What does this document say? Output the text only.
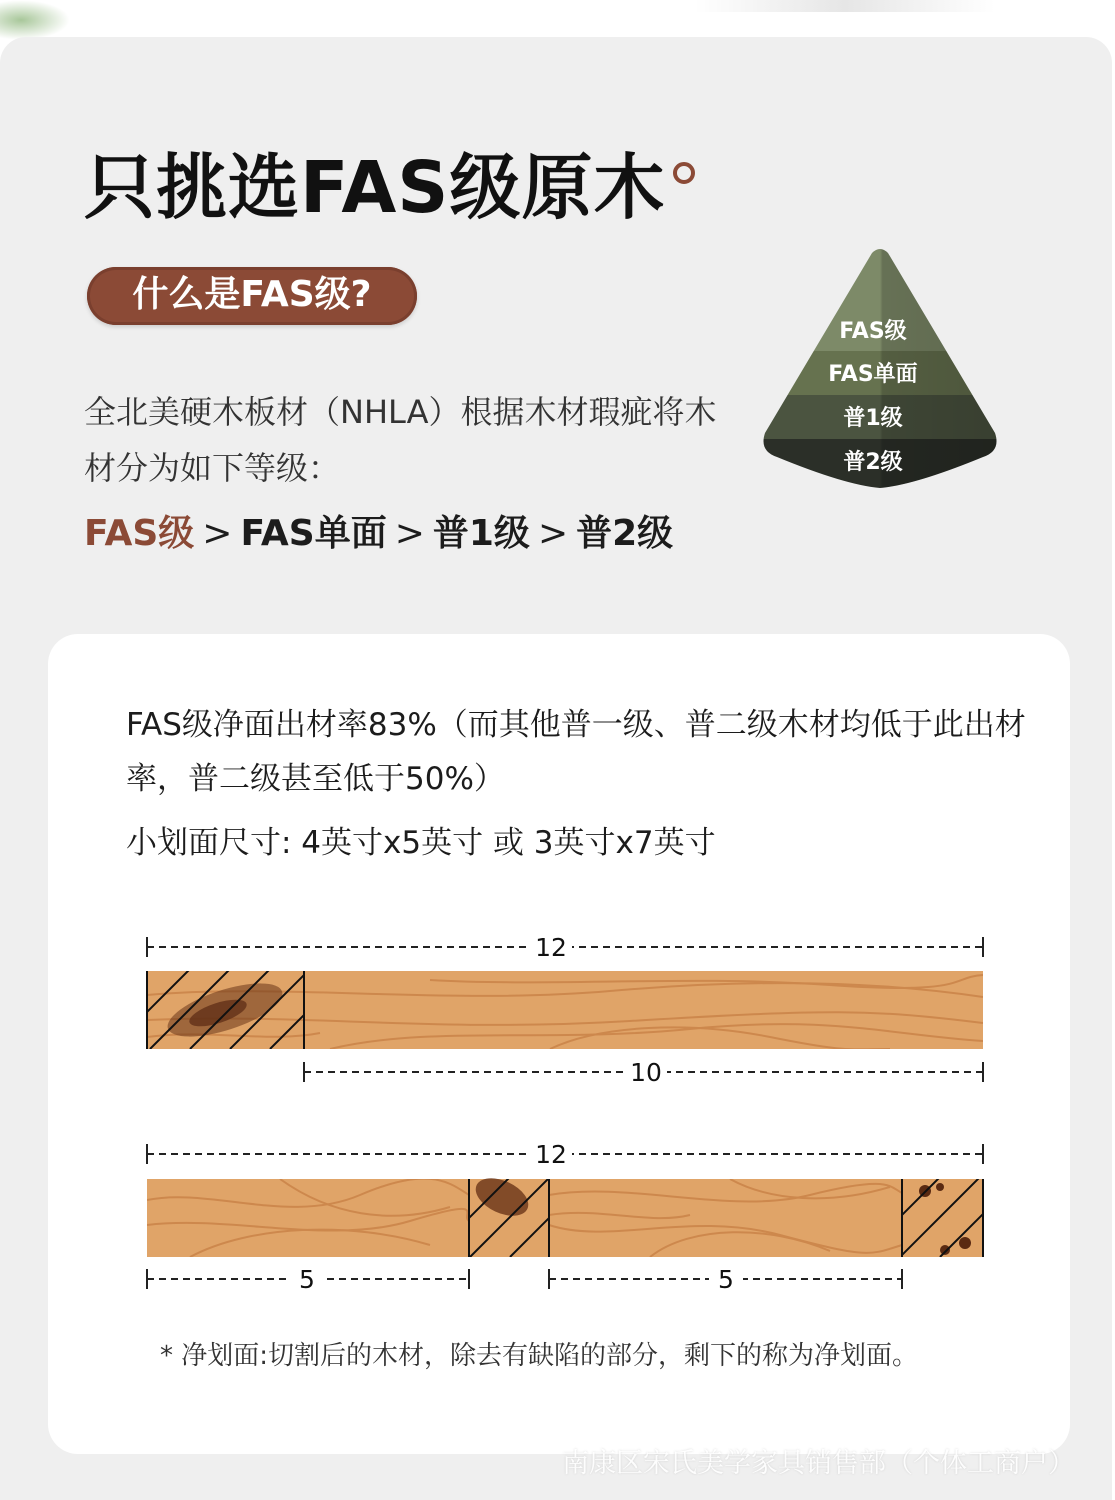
只挑选FAS级原木
什么是FAS级?

全北美硬木板材（NHLA）根据木材瑕疵将木材分为如下等级：

FAS级 > FAS单面 > 普1级 > 普2级
FAS级
FAS单面
普1级
普2级

FAS级净面出材率83%（而其他普一级、普二级木材均低于此出材率，普二级甚至低于50%）

小划面尺寸: 4英寸x5英寸 或 3英寸x7英寸

12
10
12
5	5

* 净划面:切割后的木材，除去有缺陷的部分，剩下的称为净划面。

南康区宋氏美学家具销售部（个体工商户）
